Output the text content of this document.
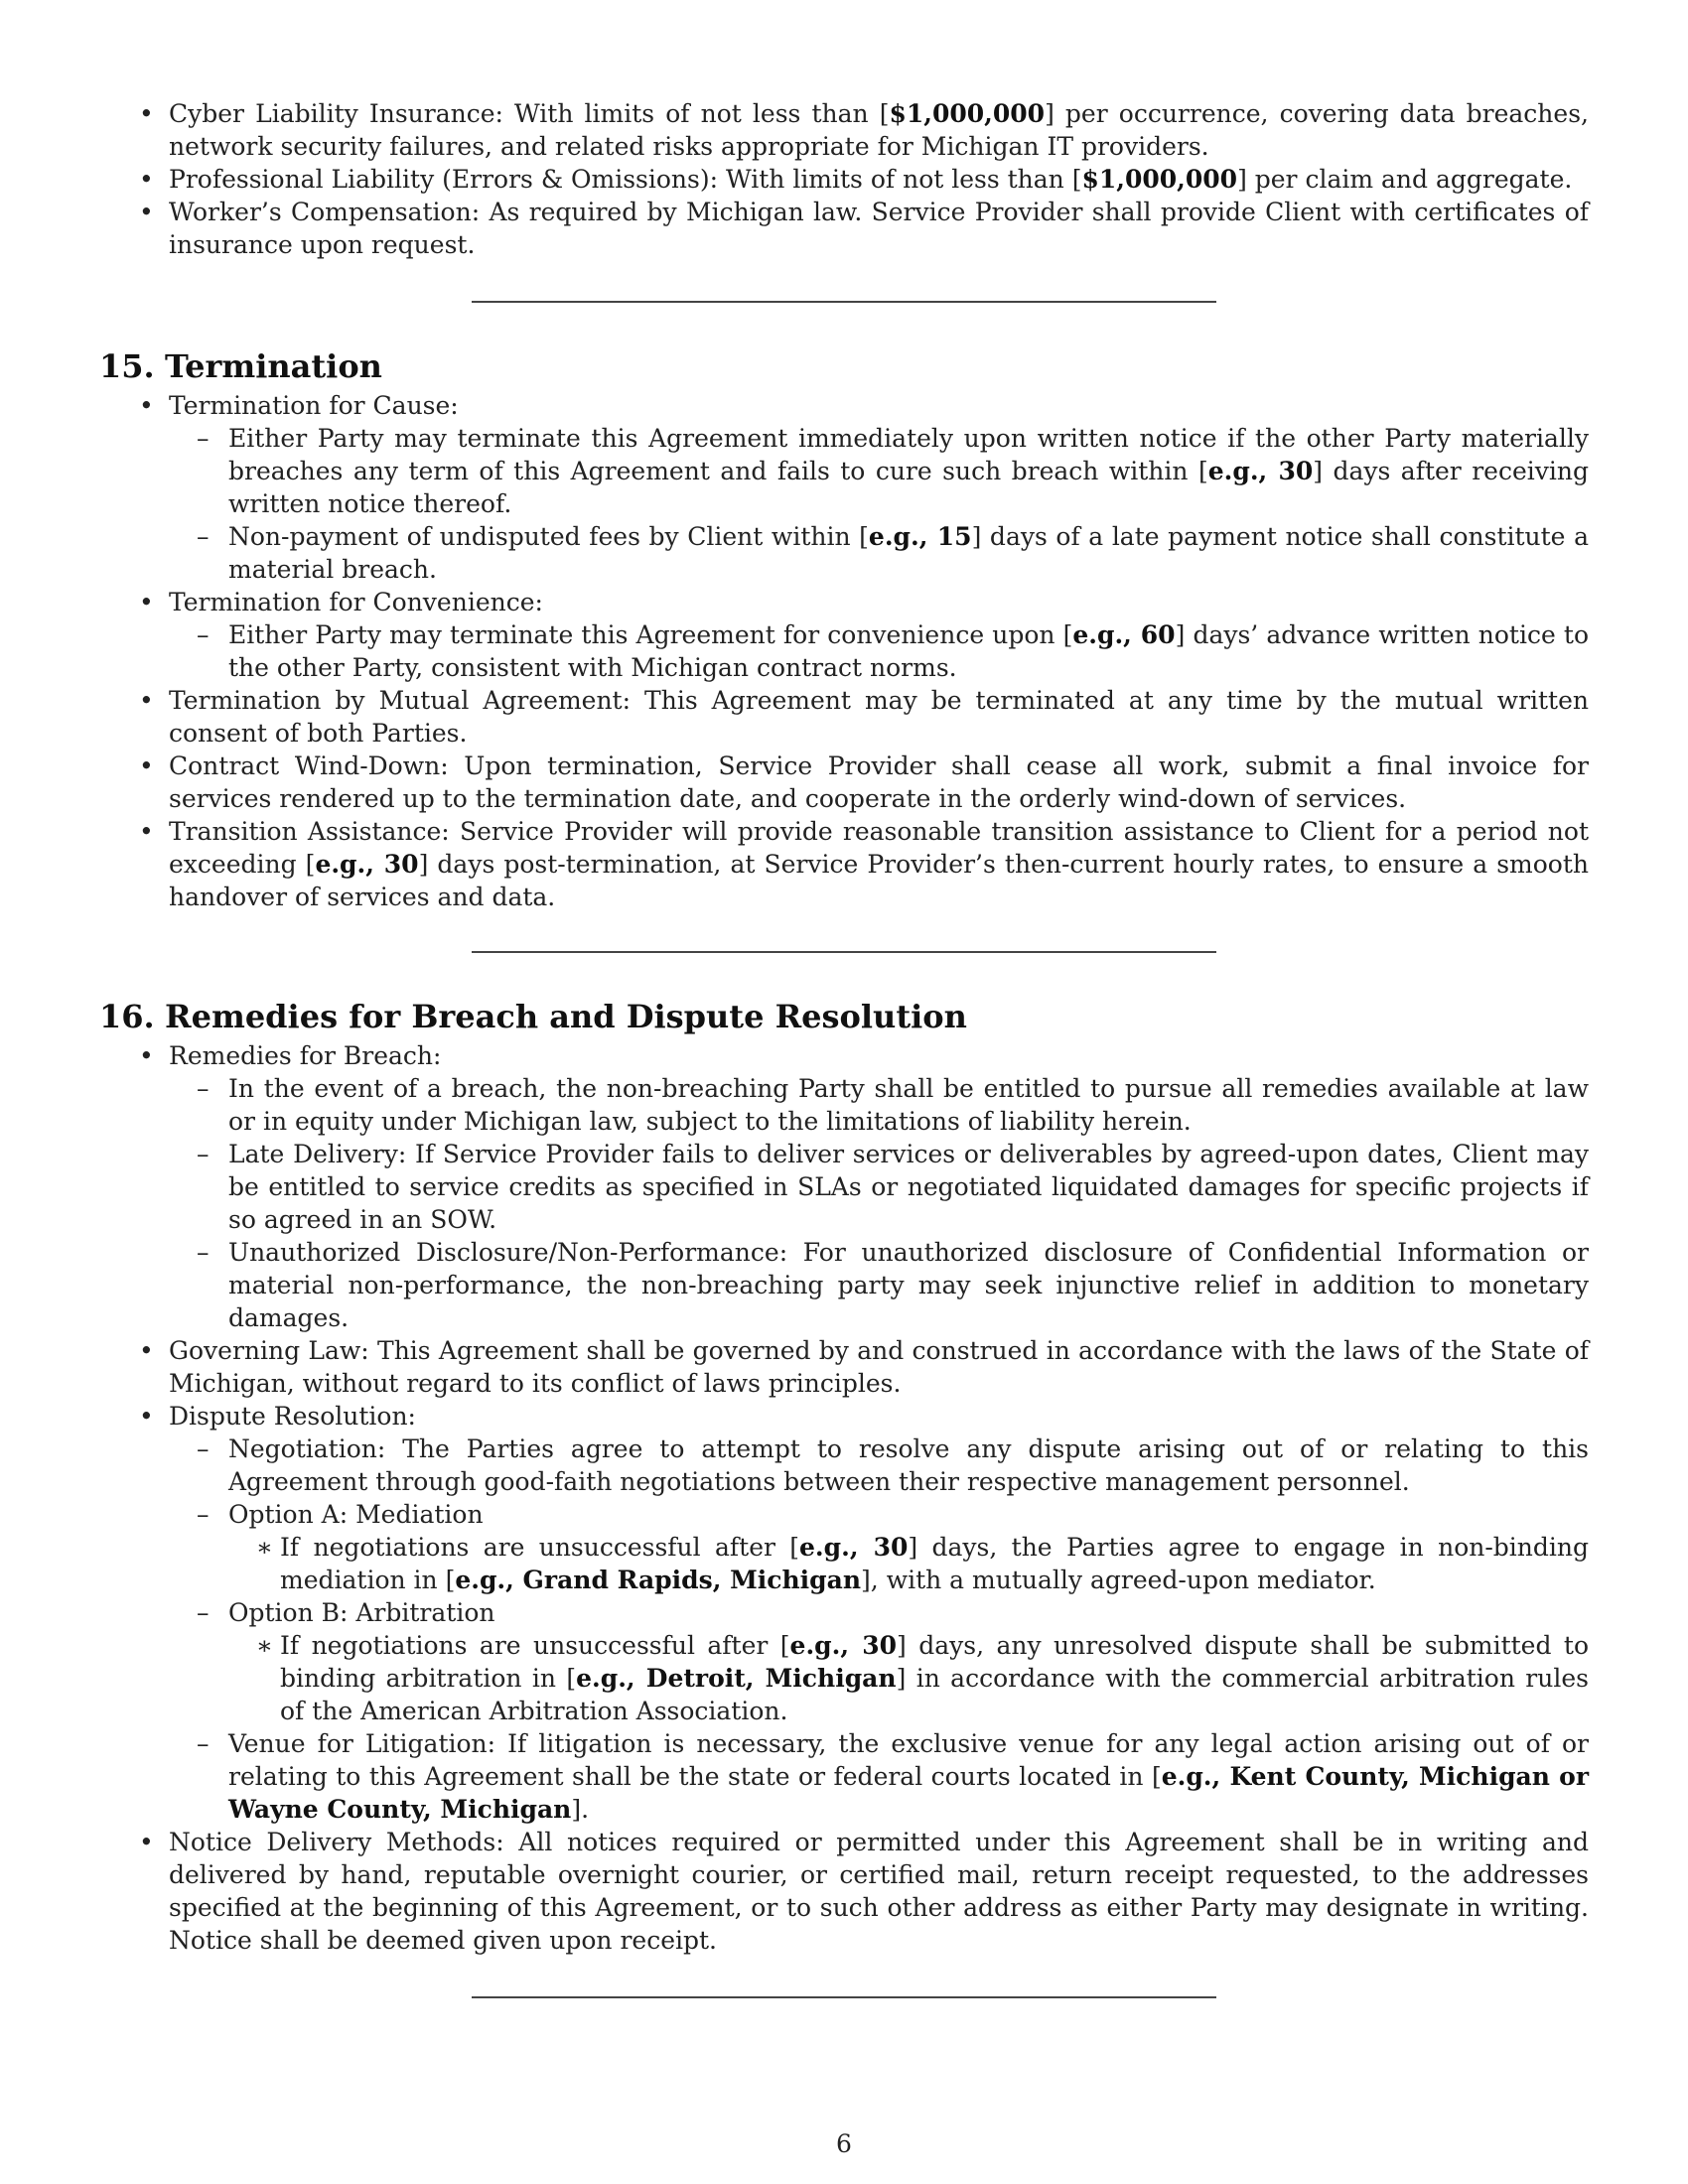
• Cyber Liability Insurance: With limits of not less than [$1,000,000] per occurrence, covering data breaches, network security failures, and related risks appropriate for Michigan IT providers.
• Professional Liability (Errors & Omissions): With limits of not less than [$1,000,000] per claim and aggregate.
• Worker’s Compensation: As required by Michigan law. Service Provider shall provide Client with certificates of insurance upon request.
15. Termination
• Termination for Cause:
– Either Party may terminate this Agreement immediately upon written notice if the other Party materially breaches any term of this Agreement and fails to cure such breach within [e.g., 30] days after receiving written notice thereof.
– Non-payment of undisputed fees by Client within [e.g., 15] days of a late payment notice shall constitute a material breach.
• Termination for Convenience:
– Either Party may terminate this Agreement for convenience upon [e.g., 60] days’ advance written notice to the other Party, consistent with Michigan contract norms.
• Termination by Mutual Agreement: This Agreement may be terminated at any time by the mutual written consent of both Parties.
• Contract Wind-Down: Upon termination, Service Provider shall cease all work, submit a final invoice for services rendered up to the termination date, and cooperate in the orderly wind-down of services.
• Transition Assistance: Service Provider will provide reasonable transition assistance to Client for a period not exceeding [e.g., 30] days post-termination, at Service Provider’s then-current hourly rates, to ensure a smooth handover of services and data.
16. Remedies for Breach and Dispute Resolution
• Remedies for Breach:
– In the event of a breach, the non-breaching Party shall be entitled to pursue all remedies available at law or in equity under Michigan law, subject to the limitations of liability herein.
– Late Delivery: If Service Provider fails to deliver services or deliverables by agreed-upon dates, Client may be entitled to service credits as specified in SLAs or negotiated liquidated damages for specific projects if so agreed in an SOW.
– Unauthorized Disclosure/Non-Performance: For unauthorized disclosure of Confidential Information or material non-performance, the non-breaching party may seek injunctive relief in addition to monetary damages.
• Governing Law: This Agreement shall be governed by and construed in accordance with the laws of the State of Michigan, without regard to its conflict of laws principles.
• Dispute Resolution:
– Negotiation: The Parties agree to attempt to resolve any dispute arising out of or relating to this Agreement through good-faith negotiations between their respective management personnel.
– Option A: Mediation
∗ If negotiations are unsuccessful after [e.g., 30] days, the Parties agree to engage in non-binding mediation in [e.g., Grand Rapids, Michigan], with a mutually agreed-upon mediator.
– Option B: Arbitration
∗ If negotiations are unsuccessful after [e.g., 30] days, any unresolved dispute shall be submitted to binding arbitration in [e.g., Detroit, Michigan] in accordance with the commercial arbitration rules of the American Arbitration Association.
– Venue for Litigation: If litigation is necessary, the exclusive venue for any legal action arising out of or relating to this Agreement shall be the state or federal courts located in [e.g., Kent County, Michigan or Wayne County, Michigan].
• Notice Delivery Methods: All notices required or permitted under this Agreement shall be in writing and delivered by hand, reputable overnight courier, or certified mail, return receipt requested, to the addresses specified at the beginning of this Agreement, or to such other address as either Party may designate in writing. Notice shall be deemed given upon receipt.
6
